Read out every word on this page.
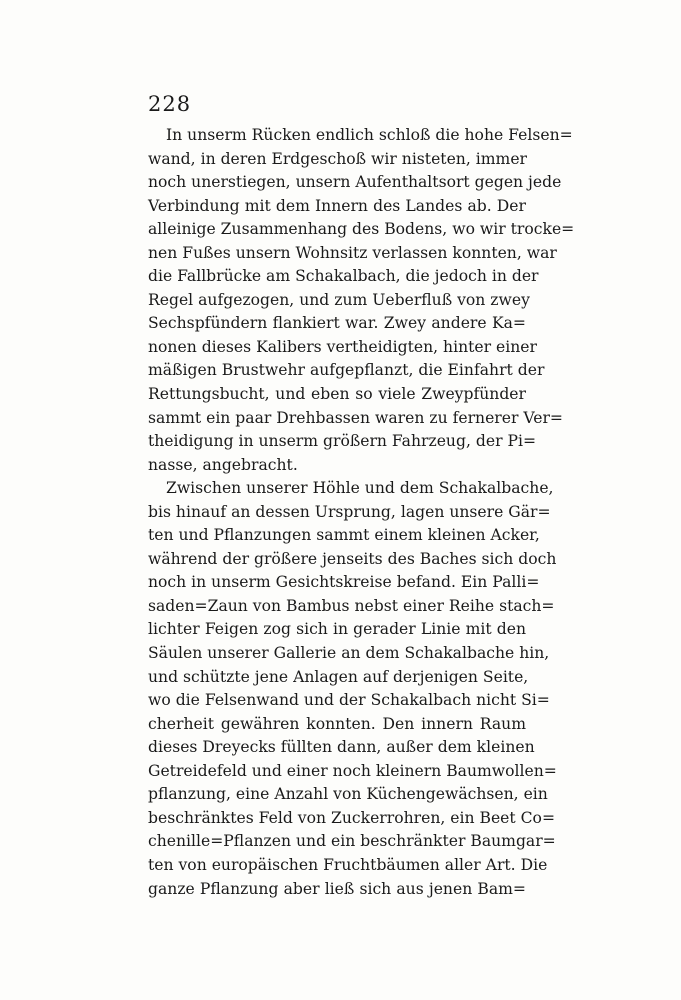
228
In unserm Rücken endlich schloß die hohe Felsen=
wand, in deren Erdgeschoß wir nisteten, immer
noch unerstiegen, unsern Aufenthaltsort gegen jede
Verbindung mit dem Innern des Landes ab. Der
alleinige Zusammenhang des Bodens, wo wir trocke=
nen Fußes unsern Wohnsitz verlassen konnten, war
die Fallbrücke am Schakalbach, die jedoch in der
Regel aufgezogen, und zum Ueberfluß von zwey
Sechspfündern flankiert war. Zwey andere Ka=
nonen dieses Kalibers vertheidigten, hinter einer
mäßigen Brustwehr aufgepflanzt, die Einfahrt der
Rettungsbucht, und eben so viele Zweypfünder
sammt ein paar Drehbassen waren zu fernerer Ver=
theidigung in unserm größern Fahrzeug, der Pi=
nasse, angebracht.
Zwischen unserer Höhle und dem Schakalbache,
bis hinauf an dessen Ursprung, lagen unsere Gär=
ten und Pflanzungen sammt einem kleinen Acker,
während der größere jenseits des Baches sich doch
noch in unserm Gesichtskreise befand. Ein Palli=
saden=Zaun von Bambus nebst einer Reihe stach=
lichter Feigen zog sich in gerader Linie mit den
Säulen unserer Gallerie an dem Schakalbache hin,
und schützte jene Anlagen auf derjenigen Seite,
wo die Felsenwand und der Schakalbach nicht Si=
cherheit gewähren konnten. Den innern Raum
dieses Dreyecks füllten dann, außer dem kleinen
Getreidefeld und einer noch kleinern Baumwollen=
pflanzung, eine Anzahl von Küchengewächsen, ein
beschränktes Feld von Zuckerrohren, ein Beet Co=
chenille=Pflanzen und ein beschränkter Baumgar=
ten von europäischen Fruchtbäumen aller Art. Die
ganze Pflanzung aber ließ sich aus jenen Bam=
